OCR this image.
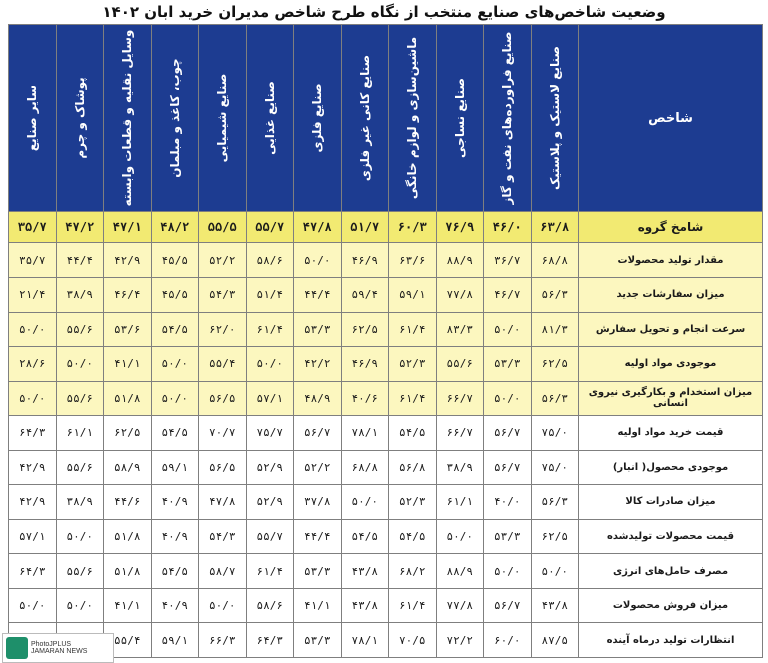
وضعیت شاخص‌های صنایع منتخب از نگاه طرح شاخص مدیران خرید ابان ۱۴۰۲
شاخص	صنایع لاستیک و پلاستیک	صنایع فراورده‌های نفت و گاز	صنایع نساجی	ماشین‌سازی و لوازم خانگی	صنایع کانی غیر فلزی	صنایع فلزی	صنایع غذایی	صنایع شیمیایی	چوب، کاغذ و مبلمان	وسایل نقلیه و قطعات وابسته	پوشاک و چرم	سایر صنایع

شامخ گروه	۶۳/۸	۴۶/۰	۷۶/۹	۶۰/۳	۵۱/۷	۴۷/۸	۵۵/۷	۵۵/۵	۴۸/۲	۴۷/۱	۴۷/۲	۳۵/۷
مقدار تولید محصولات	۶۸/۸	۳۶/۷	۸۸/۹	۶۳/۶	۴۶/۹	۵۰/۰	۵۸/۶	۵۲/۲	۴۵/۵	۴۲/۹	۴۴/۴	۳۵/۷
میزان سفارشات جدید	۵۶/۳	۴۶/۷	۷۷/۸	۵۹/۱	۵۹/۴	۴۴/۴	۵۱/۴	۵۴/۳	۴۵/۵	۴۶/۴	۳۸/۹	۲۱/۴
سرعت انجام و تحویل سفارش	۸۱/۳	۵۰/۰	۸۳/۳	۶۱/۴	۶۲/۵	۵۳/۳	۶۱/۴	۶۲/۰	۵۴/۵	۵۳/۶	۵۵/۶	۵۰/۰
موجودی مواد اولیه	۶۲/۵	۵۳/۳	۵۵/۶	۵۲/۳	۴۶/۹	۴۲/۲	۵۰/۰	۵۵/۴	۵۰/۰	۴۱/۱	۵۰/۰	۲۸/۶
میزان استخدام و بکارگیری نیروی انسانی	۵۶/۳	۵۰/۰	۶۶/۷	۶۱/۴	۴۰/۶	۴۸/۹	۵۷/۱	۵۶/۵	۵۰/۰	۵۱/۸	۵۵/۶	۵۰/۰
قیمت خرید مواد اولیه	۷۵/۰	۵۶/۷	۶۶/۷	۵۴/۵	۷۸/۱	۵۶/۷	۷۵/۷	۷۰/۷	۵۴/۵	۶۲/۵	۶۱/۱	۶۴/۳
موجودی محصول( انبار)	۷۵/۰	۵۶/۷	۳۸/۹	۵۶/۸	۶۸/۸	۵۲/۲	۵۲/۹	۵۶/۵	۵۹/۱	۵۸/۹	۵۵/۶	۴۲/۹
میزان صادرات کالا	۵۶/۳	۴۰/۰	۶۱/۱	۵۲/۳	۵۰/۰	۳۷/۸	۵۲/۹	۴۷/۸	۴۰/۹	۴۴/۶	۳۸/۹	۴۲/۹
قیمت محصولات تولیدشده	۶۲/۵	۵۳/۳	۵۰/۰	۵۴/۵	۵۴/۵	۴۴/۴	۵۵/۷	۵۴/۳	۴۰/۹	۵۱/۸	۵۰/۰	۵۷/۱
مصرف حامل‌های انرژی	۵۰/۰	۵۰/۰	۸۸/۹	۶۸/۲	۴۳/۸	۵۳/۳	۶۱/۴	۵۸/۷	۵۴/۵	۵۱/۸	۵۵/۶	۶۴/۳
میزان فروش محصولات	۴۳/۸	۵۶/۷	۷۷/۸	۶۱/۴	۴۳/۸	۴۱/۱	۵۸/۶	۵۰/۰	۴۰/۹	۴۱/۱	۵۰/۰	۵۰/۰
انتظارات تولید درماه آینده	۸۷/۵	۶۰/۰	۷۲/۲	۷۰/۵	۷۸/۱	۵۳/۳	۶۴/۳	۶۶/۳	۵۹/۱	۵۵/۴		
PhotoJPLUS
JAMARAN NEWS
